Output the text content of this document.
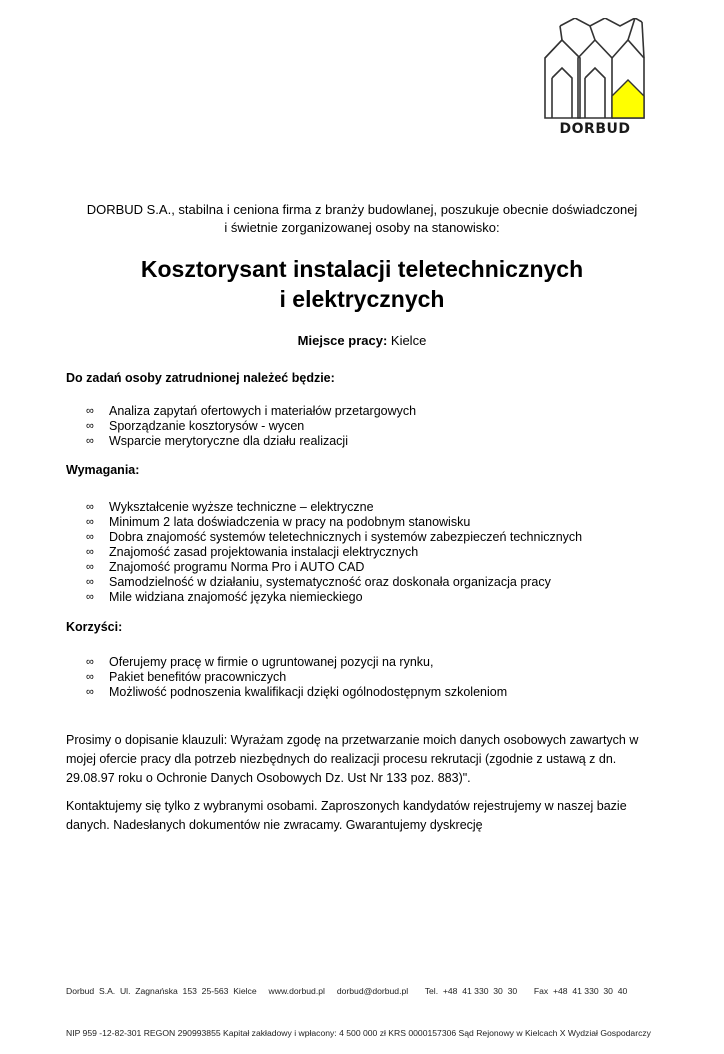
DORBUD
DORBUD S.A., stabilna i ceniona firma z branży budowlanej, poszukuje obecnie doświadczonej
i świetnie zorganizowanej osoby na stanowisko:
Kosztorysant instalacji teletechnicznych
i elektrycznych
Miejsce pracy: Kielce
Do zadań osoby zatrudnionej należeć będzie:
∞ Analiza zapytań ofertowych i materiałów przetargowych
∞ Sporządzanie kosztorysów - wycen
∞ Wsparcie merytoryczne dla działu realizacji
Wymagania:
∞ Wykształcenie wyższe techniczne – elektryczne
∞ Minimum 2 lata doświadczenia w pracy na podobnym stanowisku
∞ Dobra znajomość systemów teletechnicznych i systemów zabezpieczeń technicznych
∞ Znajomość zasad projektowania instalacji elektrycznych
∞ Znajomość programu Norma Pro i AUTO CAD
∞ Samodzielność w działaniu, systematyczność oraz doskonała organizacja pracy
∞ Mile widziana znajomość języka niemieckiego
Korzyści:
∞ Oferujemy pracę w firmie o ugruntowanej pozycji na rynku,
∞ Pakiet benefitów pracowniczych
∞ Możliwość podnoszenia kwalifikacji dzięki ogólnodostępnym szkoleniom
Prosimy o dopisanie klauzuli: Wyrażam zgodę na przetwarzanie moich danych osobowych zawartych w mojej ofercie pracy dla potrzeb niezbędnych do realizacji procesu rekrutacji (zgodnie z ustawą z dn. 29.08.97 roku o Ochronie Danych Osobowych Dz. Ust Nr 133 poz. 883)".
Kontaktujemy się tylko z wybranymi osobami. Zaproszonych kandydatów rejestrujemy w naszej bazie danych. Nadesłanych dokumentów nie zwracamy. Gwarantujemy dyskrecję

Dorbud  S.A.  Ul.  Zagnańska  153  25-563  Kielce     www.dorbud.pl     dorbud@dorbud.pl       Tel.  +48  41 330  30  30       Fax  +48  41 330  30  40

NIP 959 -12-82-301 REGON 290993855 Kapitał zakładowy i wpłacony: 4 500 000 zł KRS 0000157306 Sąd Rejonowy w Kielcach X Wydział Gospodarczy
